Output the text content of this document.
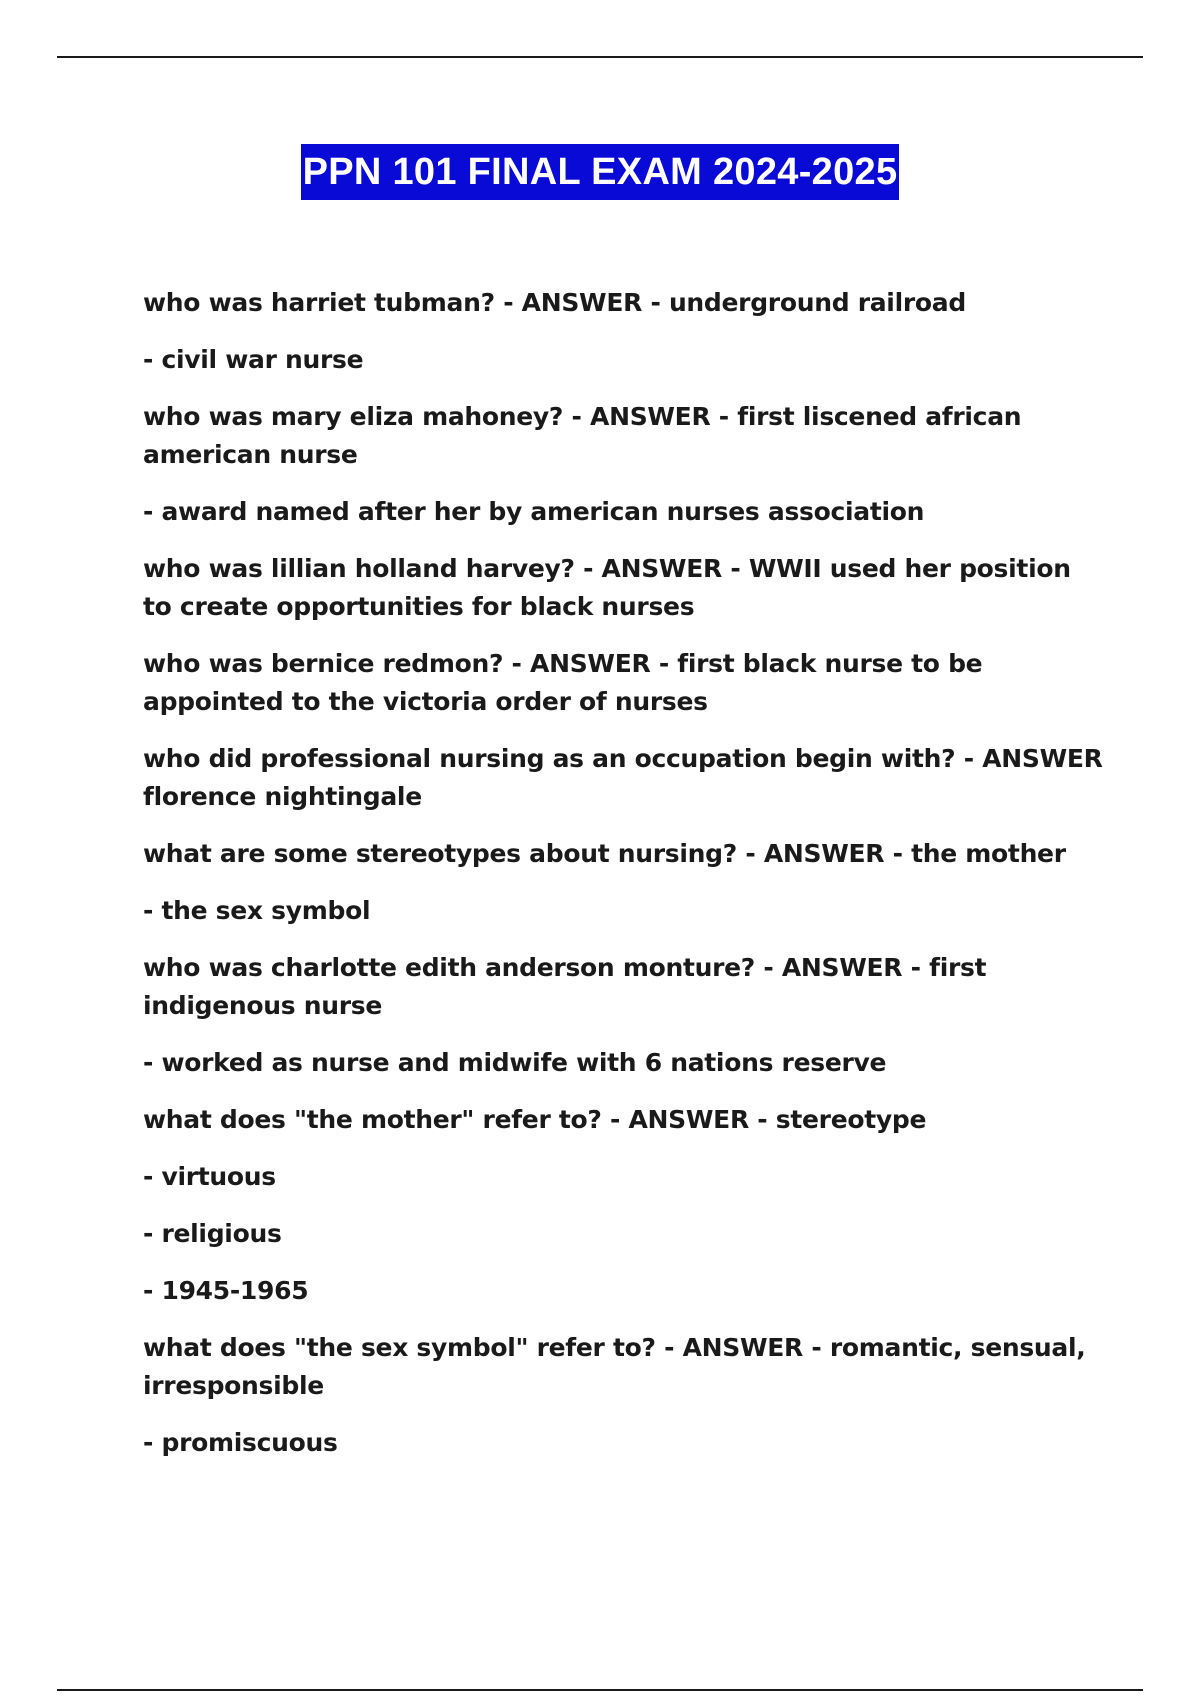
PPN 101 FINAL EXAM 2024-2025

who was harriet tubman? - ANSWER - underground railroad

- civil war nurse

who was mary eliza mahoney? - ANSWER - first liscened african american nurse

- award named after her by american nurses association

who was lillian holland harvey? - ANSWER - WWII used her position to create opportunities for black nurses

who was bernice redmon? - ANSWER - first black nurse to be appointed to the victoria order of nurses

who did professional nursing as an occupation begin with? - ANSWER florence nightingale

what are some stereotypes about nursing? - ANSWER - the mother

- the sex symbol

who was charlotte edith anderson monture? - ANSWER - first indigenous nurse

- worked as nurse and midwife with 6 nations reserve

what does "the mother" refer to? - ANSWER - stereotype

- virtuous

- religious

- 1945-1965

what does "the sex symbol" refer to? - ANSWER - romantic, sensual, irresponsible

- promiscuous
